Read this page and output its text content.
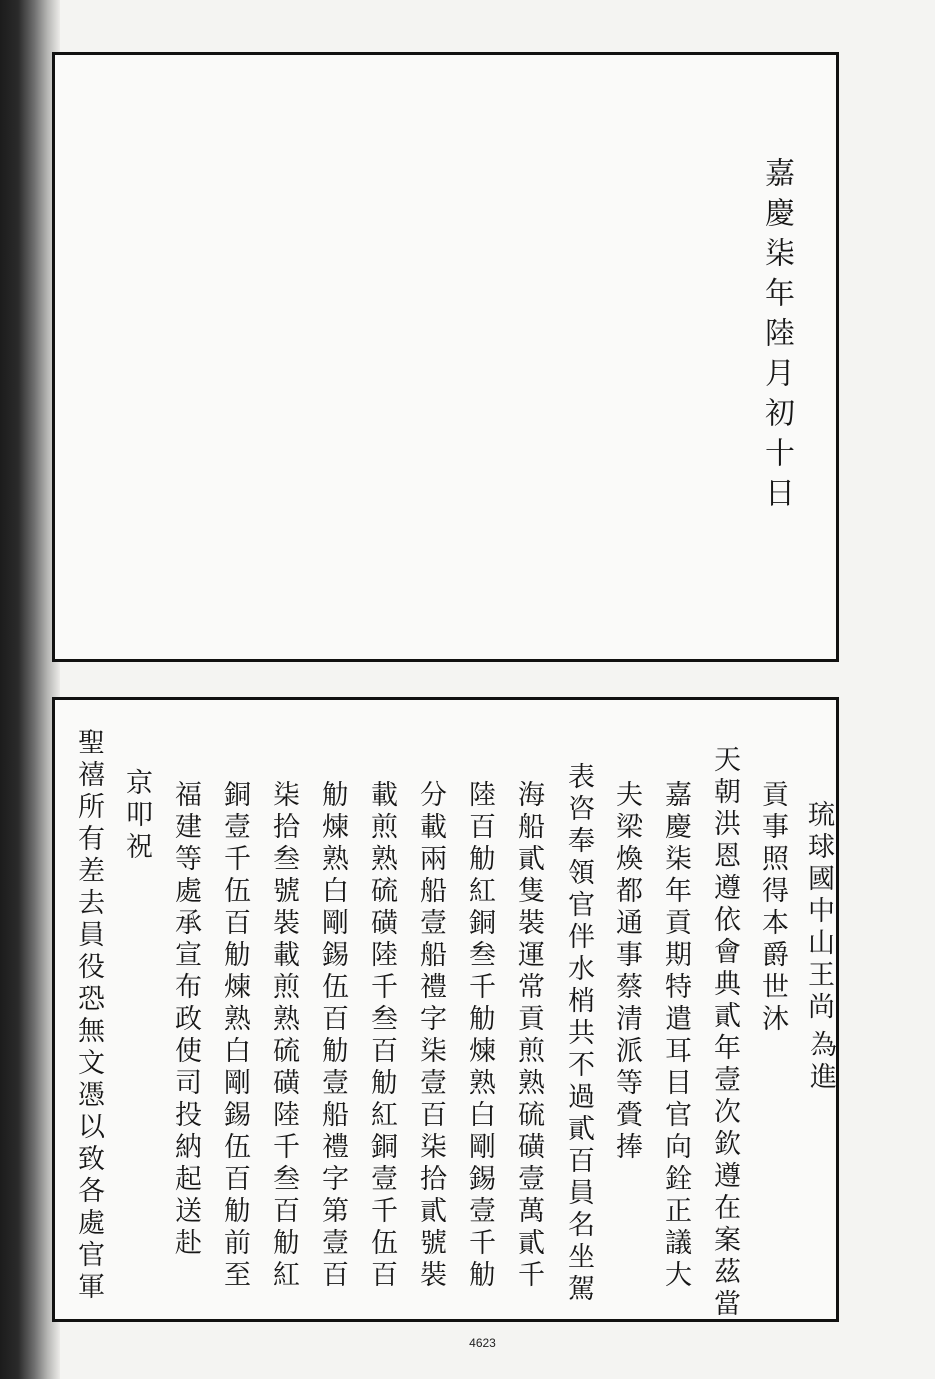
嘉慶柒年陸月初十日

琉球國中山王尚

為進

貢事照得本爵世沐

天朝洪恩遵依會典貳年壹次欽遵在案茲當

嘉慶柒年貢期特遣耳目官向銓正議大

夫梁煥都通事蔡清派等賫捧

表咨奉領官伴水梢共不過貳百員名坐駕

海船貳隻裝運常貢煎熟硫磺壹萬貳千

陸百觔紅銅叁千觔煉熟白剛錫壹千觔

分載兩船壹船禮字柒壹百柒拾貳號裝

載煎熟硫磺陸千叁百觔紅銅壹千伍百

觔煉熟白剛錫伍百觔壹船禮字第壹百

柒拾叁號裝載煎熟硫磺陸千叁百觔紅

銅壹千伍百觔煉熟白剛錫伍百觔前至

福建等處承宣布政使司投納起送赴

京叩祝

聖禧所有差去員役恐無文憑以致各處官軍

4623
